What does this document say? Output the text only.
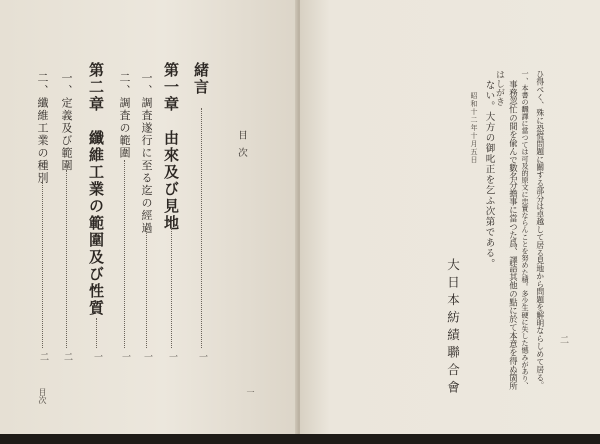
目次
緒言
一
第一章　由來及び見地
一
一、調査遂行に至る迄の經過
一
二、調査の範圍
一
第二章　纖維工業の範圍及び性質
一
一、定義及び範圍
二
二、纖維工業の種別
二
目次	一
はしがき
二
ひ得べく、殊に恐慌問題に關する部分は卓越して居る見地から問題を解明ならしめて居る。
一、本書の飜譯に當つては可及的原文に忠實ならんことを努めた積。多少生硬に失した憾みがあり、
事務忽忙の間を偸んで數名分擔事に當つた爲、譯語其他の點に於て本意を得ぬ箇所
ない。大方の御叱正を乞ふ次第である。
昭和十二年十月五日
大日本紡績聯合會
